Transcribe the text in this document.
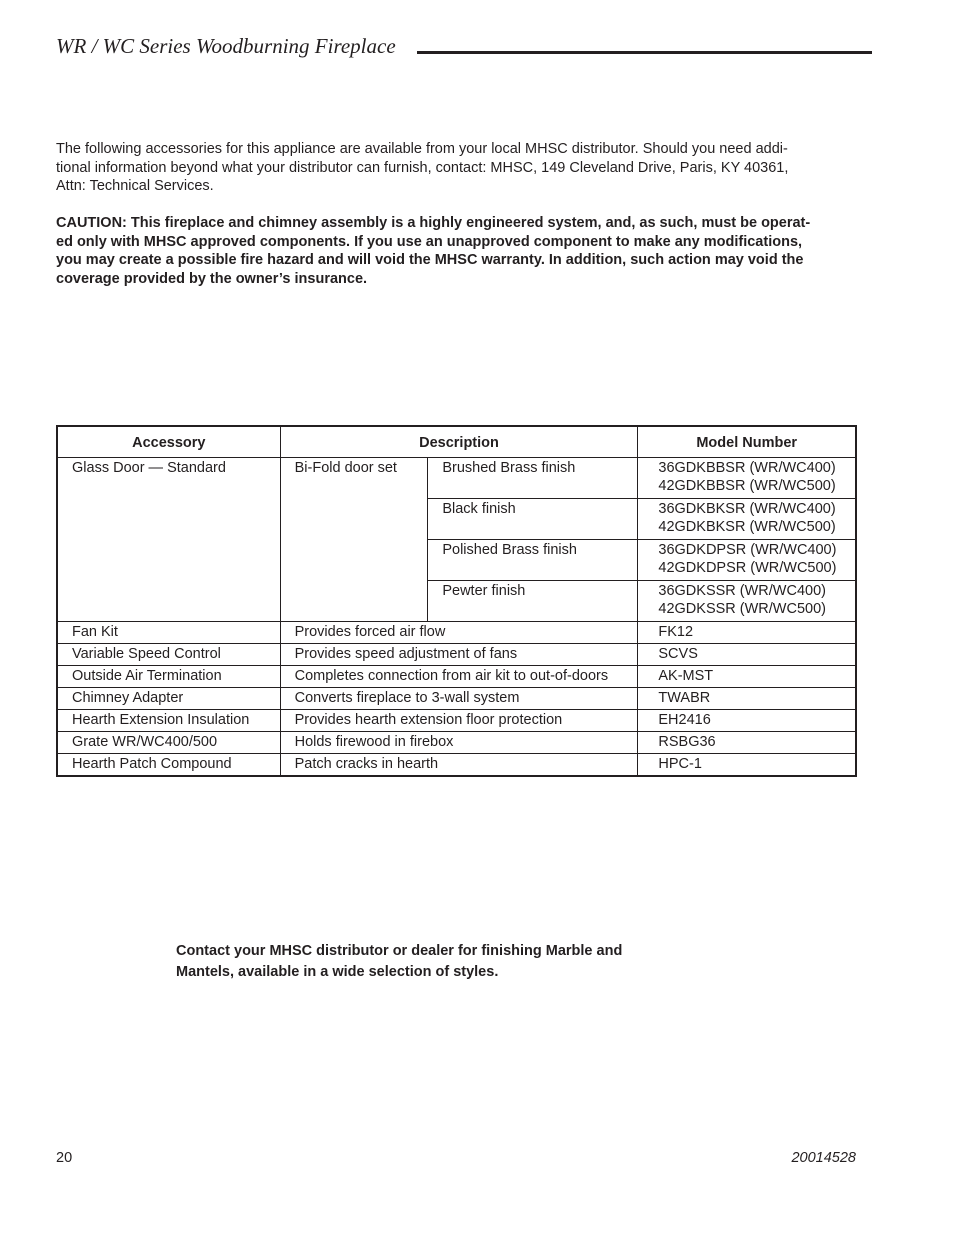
WR / WC Series Woodburning Fireplace

The following accessories for this appliance are available from your local MHSC distributor. Should you need addi-

tional information beyond what your distributor can furnish, contact: MHSC, 149 Cleveland Drive, Paris, KY 40361,

Attn: Technical Services.

CAUTION: This fireplace and chimney assembly is a highly engineered system, and, as such, must be operat-

ed only with MHSC approved components. If you use an unapproved component to make any modifications,

you may create a possible fire hazard and will void the MHSC warranty. In addition, such action may void the

coverage provided by the owner’s insurance.

Accessory	Description		Model Number

Glass Door — Standard	Bi-Fold door set	Brushed Brass finish	36GDKBBSR (WR/WC400)
42GDKBBSR (WR/WC500)

		Black finish	36GDKBKSR (WR/WC400)
42GDKBKSR (WR/WC500)

		Polished Brass finish	36GDKDPSR (WR/WC400)
42GDKDPSR (WR/WC500)

		Pewter finish	36GDKSSR (WR/WC400)
42GDKSSR (WR/WC500)

Fan Kit	Provides forced air flow		FK12

Variable Speed Control	Provides speed adjustment of fans		SCVS

Outside Air Termination	Completes connection from air kit to out-of-doors		AK-MST

Chimney Adapter	Converts fireplace to 3-wall system		TWABR

Hearth Extension Insulation	Provides hearth extension floor protection		EH2416

Grate WR/WC400/500	Holds firewood in firebox		RSBG36

Hearth Patch Compound	Patch cracks in hearth		HPC-1

Contact your MHSC distributor or dealer for finishing Marble and

Mantels, available in a wide selection of styles.

20	20014528
